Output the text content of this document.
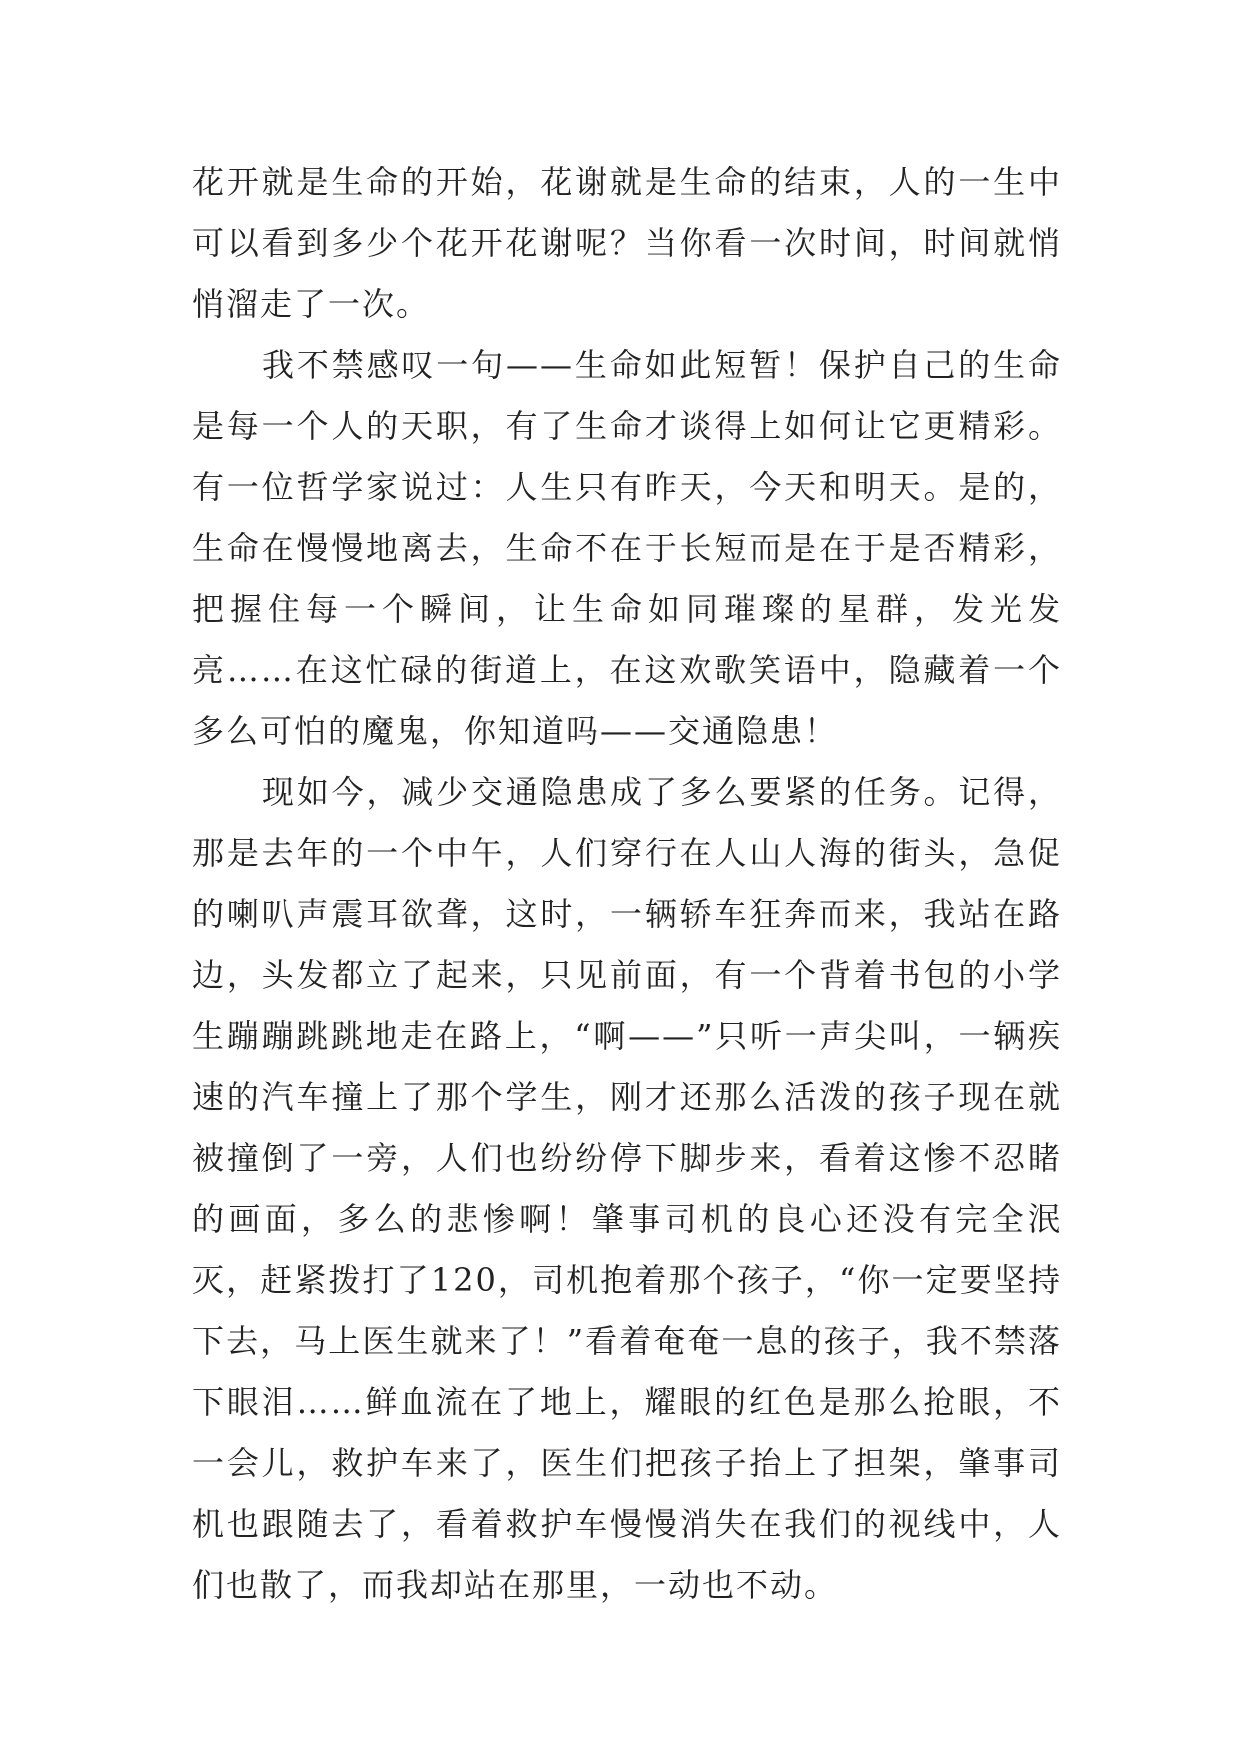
花开就是生命的开始，花谢就是生命的结束，人的一生中可以看到多少个花开花谢呢？当你看一次时间，时间就悄悄溜走了一次。

我不禁感叹一句——生命如此短暂！保护自己的生命是每一个人的天职，有了生命才谈得上如何让它更精彩。有一位哲学家说过：人生只有昨天，今天和明天。是的，生命在慢慢地离去，生命不在于长短而是在于是否精彩，把握住每一个瞬间，让生命如同璀璨的星群，发光发亮……在这忙碌的街道上，在这欢歌笑语中，隐藏着一个多么可怕的魔鬼，你知道吗——交通隐患！

现如今，减少交通隐患成了多么要紧的任务。记得，那是去年的一个中午，人们穿行在人山人海的街头，急促的喇叭声震耳欲聋，这时，一辆轿车狂奔而来，我站在路边，头发都立了起来，只见前面，有一个背着书包的小学生蹦蹦跳跳地走在路上，“啊——”只听一声尖叫，一辆疾速的汽车撞上了那个学生，刚才还那么活泼的孩子现在就被撞倒了一旁，人们也纷纷停下脚步来，看着这惨不忍睹的画面，多么的悲惨啊！肇事司机的良心还没有完全泯灭，赶紧拨打了120，司机抱着那个孩子，“你一定要坚持下去，马上医生就来了！”看着奄奄一息的孩子，我不禁落下眼泪……鲜血流在了地上，耀眼的红色是那么抢眼，不一会儿，救护车来了，医生们把孩子抬上了担架，肇事司机也跟随去了，看着救护车慢慢消失在我们的视线中，人们也散了，而我却站在那里，一动也不动。
